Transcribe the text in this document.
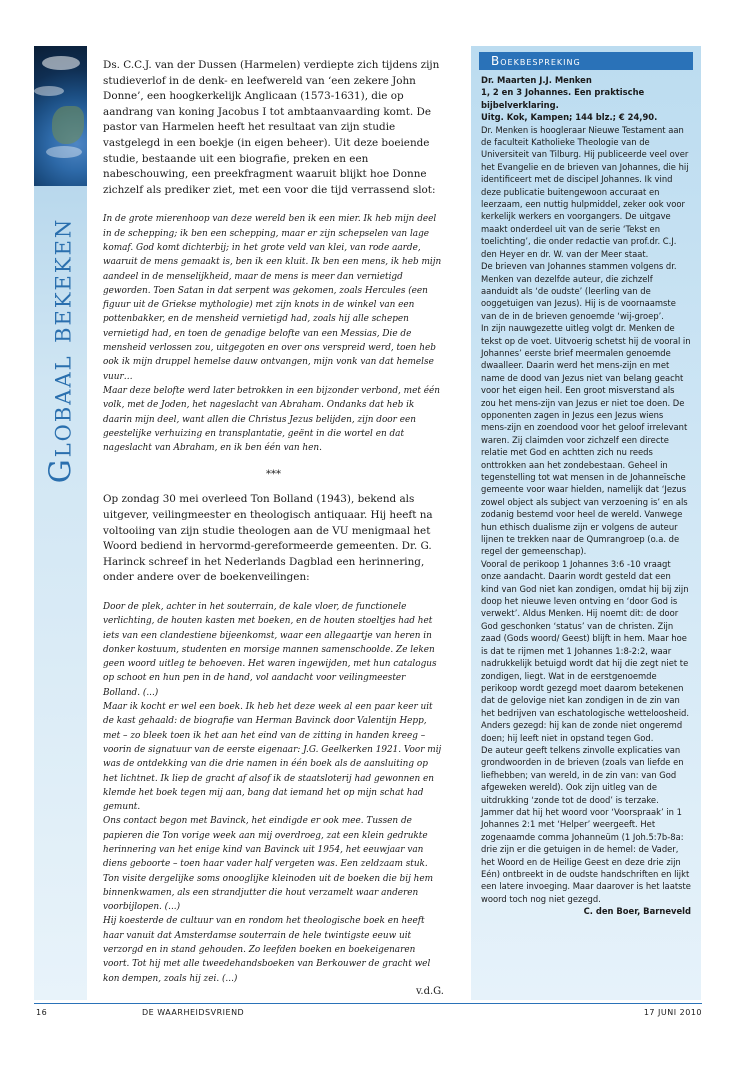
Globaal bekeken

Ds. C.C.J. van der Dussen (Harmelen) verdiepte zich tijdens zijn studieverlof in de denk- en leefwereld van ‘een zekere John Donne’, een hoogkerkelijk Anglicaan (1573-1631), die op aandrang van koning Jacobus I tot ambtaanvaarding komt. De pastor van Harmelen heeft het resultaat van zijn studie vastgelegd in een boekje (in eigen beheer). Uit deze boeiende studie, bestaande uit een biografie, preken en een nabeschouwing, een preekfragment waaruit blijkt hoe Donne zichzelf als prediker ziet, met een voor die tijd verrassend slot:

In de grote mierenhoop van deze wereld ben ik een mier. Ik heb mijn deel in de schepping; ik ben een schepping, maar er zijn schepselen van lage komaf. God komt dichterbij; in het grote veld van klei, van rode aarde, waaruit de mens gemaakt is, ben ik een kluit. Ik ben een mens, ik heb mijn aandeel in de menselijkheid, maar de mens is meer dan vernietigd geworden. Toen Satan in dat serpent was gekomen, zoals Hercules (een figuur uit de Griekse mythologie) met zijn knots in de winkel van een pottenbakker, en de mensheid vernietigd had, zoals hij alle schepen vernietigd had, en toen de genadige belofte van een Messias, Die de mensheid verlossen zou, uitgegoten en over ons verspreid werd, toen heb ook ik mijn druppel hemelse dauw ontvangen, mijn vonk van dat hemelse vuur…

Maar deze belofte werd later betrokken in een bijzonder verbond, met één volk, met de Joden, het nageslacht van Abraham. Ondanks dat heb ik daarin mijn deel, want allen die Christus Jezus belijden, zijn door een geestelijke verhuizing en transplantatie, geënt in die wortel en dat nageslacht van Abraham, en ik ben één van hen.

***

Op zondag 30 mei overleed Ton Bolland (1943), bekend als uitgever, veilingmeester en theologisch antiquaar. Hij heeft na voltooiing van zijn studie theologen aan de VU menigmaal het Woord bediend in hervormd-gereformeerde gemeenten. Dr. G. Harinck schreef in het Nederlands Dagblad een herinnering, onder andere over de boekenveilingen:

Door de plek, achter in het souterrain, de kale vloer, de functionele verlichting, de houten kasten met boeken, en de houten stoeltjes had het iets van een clandestiene bijeenkomst, waar een allegaartje van heren in donker kostuum, studenten en morsige mannen samenschoolde. Ze leken geen woord uitleg te behoeven. Het waren ingewijden, met hun catalogus op schoot en hun pen in de hand, vol aandacht voor veilingmeester Bolland. (...)

Maar ik kocht er wel een boek. Ik heb het deze week al een paar keer uit de kast gehaald: de biografie van Herman Bavinck door Valentijn Hepp, met – zo bleek toen ik het aan het eind van de zitting in handen kreeg – voorin de signatuur van de eerste eigenaar: J.G. Geelkerken 1921. Voor mij was de ontdekking van die drie namen in één boek als de aansluiting op het lichtnet. Ik liep de gracht af alsof ik de staatsloterij had gewonnen en klemde het boek tegen mij aan, bang dat iemand het op mijn schat had gemunt.

Ons contact begon met Bavinck, het eindigde er ook mee. Tussen de papieren die Ton vorige week aan mij overdroeg, zat een klein gedrukte herinnering van het enige kind van Bavinck uit 1954, het eeuwjaar van diens geboorte – toen haar vader half vergeten was. Een zeldzaam stuk. Ton visite dergelijke soms onooglijke kleinoden uit de boeken die bij hem binnenkwamen, als een strandjutter die hout verzamelt waar anderen voorbijlopen. (...)

Hij koesterde de cultuur van en rondom het theologische boek en heeft haar vanuit dat Amsterdamse souterrain de hele twintigste eeuw uit verzorgd en in stand gehouden. Zo leefden boeken en boekeigenaren voort. Tot hij met alle tweedehandsboeken van Berkouwer de gracht wel kon dempen, zoals hij zei. (...)

v.d.G.

Boekbespreking

Dr. Maarten J.J. Menken

1, 2 en 3 Johannes. Een praktische bijbelverklaring.

Uitg. Kok, Kampen; 144 blz.; € 24,90.

Dr. Menken is hoogleraar Nieuwe Testament aan de faculteit Katholieke Theologie van de Universiteit van Tilburg. Hij publiceerde veel over het Evangelie en de brieven van Johannes, die hij identificeert met de discipel Johannes. Ik vind deze publicatie buitengewoon accuraat en leerzaam, een nuttig hulpmiddel, zeker ook voor kerkelijk werkers en voorgangers. De uitgave maakt onderdeel uit van de serie ‘Tekst en toelichting’, die onder redactie van prof.dr. C.J. den Heyer en dr. W. van der Meer staat.

De brieven van Johannes stammen volgens dr. Menken van dezelfde auteur, die zichzelf aanduidt als ‘de oudste’ (leerling van de ooggetuigen van Jezus). Hij is de voornaamste van de in de brieven genoemde ‘wij-groep’.

In zijn nauwgezette uitleg volgt dr. Menken de tekst op de voet. Uitvoerig schetst hij de vooral in Johannes’ eerste brief meermalen genoemde dwaalleer. Daarin werd het mens-zijn en met name de dood van Jezus niet van belang geacht voor het eigen heil. Een groot misverstand als zou het mens-zijn van Jezus er niet toe doen. De opponenten zagen in Jezus een Jezus wiens mens-zijn en zoendood voor het geloof irrelevant waren. Zij claimden voor zichzelf een directe relatie met God en achtten zich nu reeds onttrokken aan het zondebestaan. Geheel in tegenstelling tot wat mensen in de Johanneïsche gemeente voor waar hielden, namelijk dat ‘Jezus zowel object als subject van verzoening is’ en als zodanig bestemd voor heel de wereld. Vanwege hun ethisch dualisme zijn er volgens de auteur lijnen te trekken naar de Qumrangroep (o.a. de regel der gemeenschap).

Vooral de perikoop 1 Johannes 3:6 -10 vraagt onze aandacht. Daarin wordt gesteld dat een kind van God niet kan zondigen, omdat hij bij zijn doop het nieuwe leven ontving en ‘door God is verwekt’. Aldus Menken. Hij noemt dit: de door God geschonken ‘status’ van de christen. Zijn zaad (Gods woord/ Geest) blijft in hem. Maar hoe is dat te rijmen met 1 Johannes 1:8-2:2, waar nadrukkelijk betuigd wordt dat hij die zegt niet te zondigen, liegt. Wat in de eerstgenoemde perikoop wordt gezegd moet daarom betekenen dat de gelovige niet kan zondigen in de zin van het bedrijven van eschatologische wetteloosheid. Anders gezegd: hij kan de zonde niet ongeremd doen; hij leeft niet in opstand tegen God.

De auteur geeft telkens zinvolle explicaties van grondwoorden in de brieven (zoals van liefde en liefhebben; van wereld, in de zin van: van God afgeweken wereld). Ook zijn uitleg van de uitdrukking ‘zonde tot de dood’ is terzake. Jammer dat hij het woord voor ‘Voorspraak’ in 1 Johannes 2:1 met ‘Helper’ weergeeft. Het zogenaamde comma Johanneüm (1 Joh.5:7b-8a: drie zijn er die getuigen in de hemel: de Vader, het Woord en de Heilige Geest en deze drie zijn Eén) ontbreekt in de oudste handschriften en lijkt een latere invoeging. Maar daarover is het laatste woord toch nog niet gezegd.

C. den Boer, Barneveld

16	DE WAARHEIDSVRIEND	17 JUNI 2010
